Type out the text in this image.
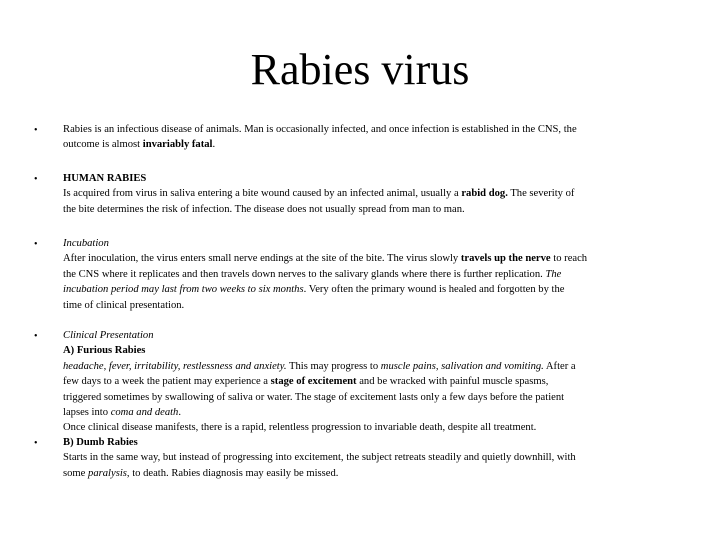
Rabies virus
• Rabies is an infectious disease of animals. Man is occasionally infected, and once infection is established in the CNS, the
outcome is almost invariably fatal.
• HUMAN RABIES
Is acquired from virus in saliva entering a bite wound caused by an infected animal, usually a rabid dog. The severity of
the bite determines the risk of infection. The disease does not usually spread from man to man.
• Incubation
After inoculation, the virus enters small nerve endings at the site of the bite. The virus slowly travels up the nerve to reach
the CNS where it replicates and then travels down nerves to the salivary glands where there is further replication. The
incubation period may last from two weeks to six months. Very often the primary wound is healed and forgotten by the
time of clinical presentation.
• Clinical Presentation
A) Furious Rabies
headache, fever, irritability, restlessness and anxiety. This may progress to muscle pains, salivation and vomiting. After a
few days to a week the patient may experience a stage of excitement and be wracked with painful muscle spasms,
triggered sometimes by swallowing of saliva or water. The stage of excitement lasts only a few days before the patient
lapses into coma and death.
Once clinical disease manifests, there is a rapid, relentless progression to invariable death, despite all treatment.
• B) Dumb Rabies
Starts in the same way, but instead of progressing into excitement, the subject retreats steadily and quietly downhill, with
some paralysis, to death. Rabies diagnosis may easily be missed.
